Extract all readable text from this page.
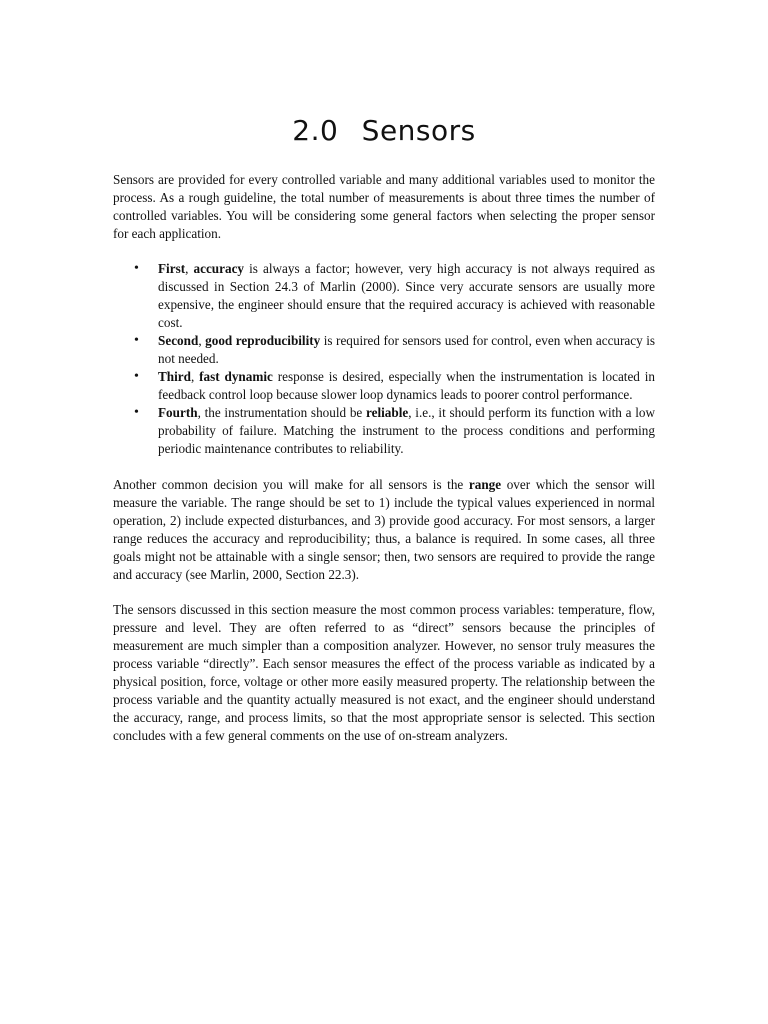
2.0 Sensors

Sensors are provided for every controlled variable and many additional variables used to monitor the process. As a rough guideline, the total number of measurements is about three times the number of controlled variables. You will be considering some general factors when selecting the proper sensor for each application.

• First, accuracy is always a factor; however, very high accuracy is not always required as discussed in Section 24.3 of Marlin (2000). Since very accurate sensors are usually more expensive, the engineer should ensure that the required accuracy is achieved with reasonable cost.
• Second, good reproducibility is required for sensors used for control, even when accuracy is not needed.
• Third, fast dynamic response is desired, especially when the instrumentation is located in feedback control loop because slower loop dynamics leads to poorer control performance.
• Fourth, the instrumentation should be reliable, i.e., it should perform its function with a low probability of failure. Matching the instrument to the process conditions and performing periodic maintenance contributes to reliability.

Another common decision you will make for all sensors is the range over which the sensor will measure the variable. The range should be set to 1) include the typical values experienced in normal operation, 2) include expected disturbances, and 3) provide good accuracy. For most sensors, a larger range reduces the accuracy and reproducibility; thus, a balance is required. In some cases, all three goals might not be attainable with a single sensor; then, two sensors are required to provide the range and accuracy (see Marlin, 2000, Section 22.3).

The sensors discussed in this section measure the most common process variables: temperature, flow, pressure and level. They are often referred to as “direct” sensors because the principles of measurement are much simpler than a composition analyzer. However, no sensor truly measures the process variable “directly”. Each sensor measures the effect of the process variable as indicated by a physical position, force, voltage or other more easily measured property. The relationship between the process variable and the quantity actually measured is not exact, and the engineer should understand the accuracy, range, and process limits, so that the most appropriate sensor is selected. This section concludes with a few general comments on the use of on-stream analyzers.
